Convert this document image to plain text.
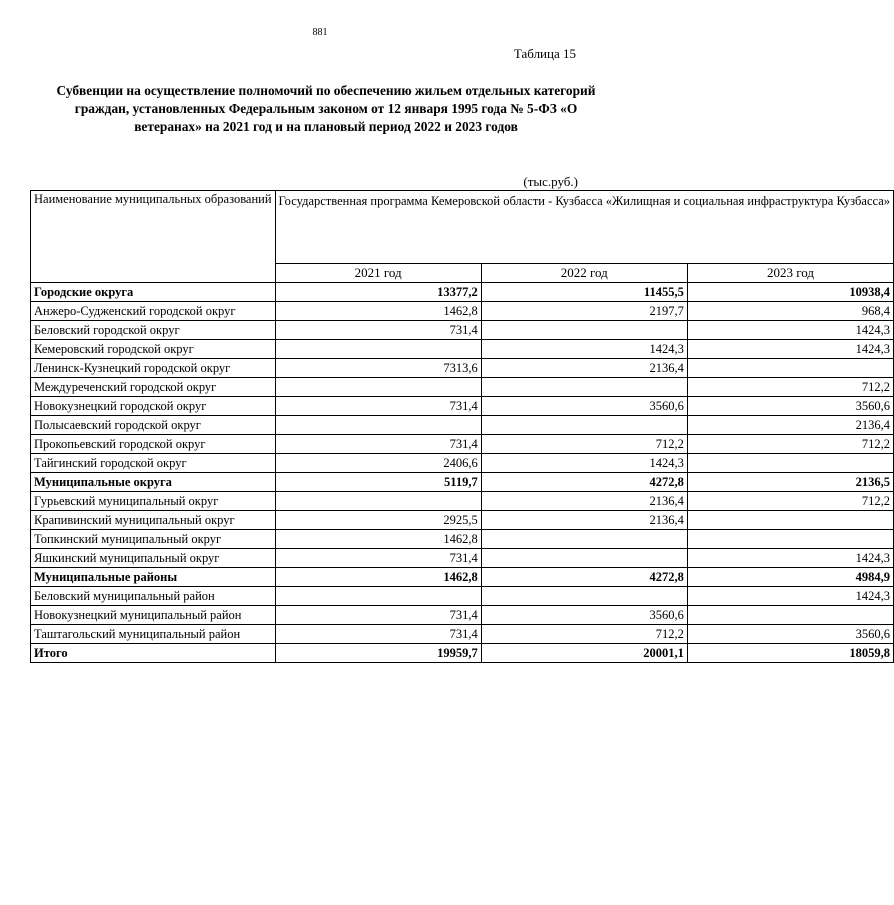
881
Таблица 15
Субвенции на осуществление полномочий по обеспечению жильем отдельных категорий граждан, установленных Федеральным законом от 12 января 1995 года № 5-ФЗ «О ветеранах» на 2021 год и на плановый период 2022 и 2023 годов
(тыс.руб.)
Наименование муниципальных образований	Государственная программа Кемеровской области - Кузбасса «Жилищная и социальная инфраструктура Кузбасса»		
	2021 год	2022 год	2023 год
Городские округа	13377,2	11455,5	10938,4
Анжеро-Судженский городской округ	1462,8	2197,7	968,4
Беловский городской округ	731,4		1424,3
Кемеровский городской округ		1424,3	1424,3
Ленинск-Кузнецкий городской округ	7313,6	2136,4	
Междуреченский городской округ			712,2
Новокузнецкий городской округ	731,4	3560,6	3560,6
Полысаевский городской округ			2136,4
Прокопьевский городской округ	731,4	712,2	712,2
Тайгинский городской округ	2406,6	1424,3	
Муниципальные округа	5119,7	4272,8	2136,5
Гурьевский муниципальный округ		2136,4	712,2
Крапивинский муниципальный округ	2925,5	2136,4	
Топкинский муниципальный округ	1462,8		
Яшкинский муниципальный округ	731,4		1424,3
Муниципальные районы	1462,8	4272,8	4984,9
Беловский муниципальный район			1424,3
Новокузнецкий муниципальный район	731,4	3560,6	
Таштагольский муниципальный район	731,4	712,2	3560,6
Итого	19959,7	20001,1	18059,8
